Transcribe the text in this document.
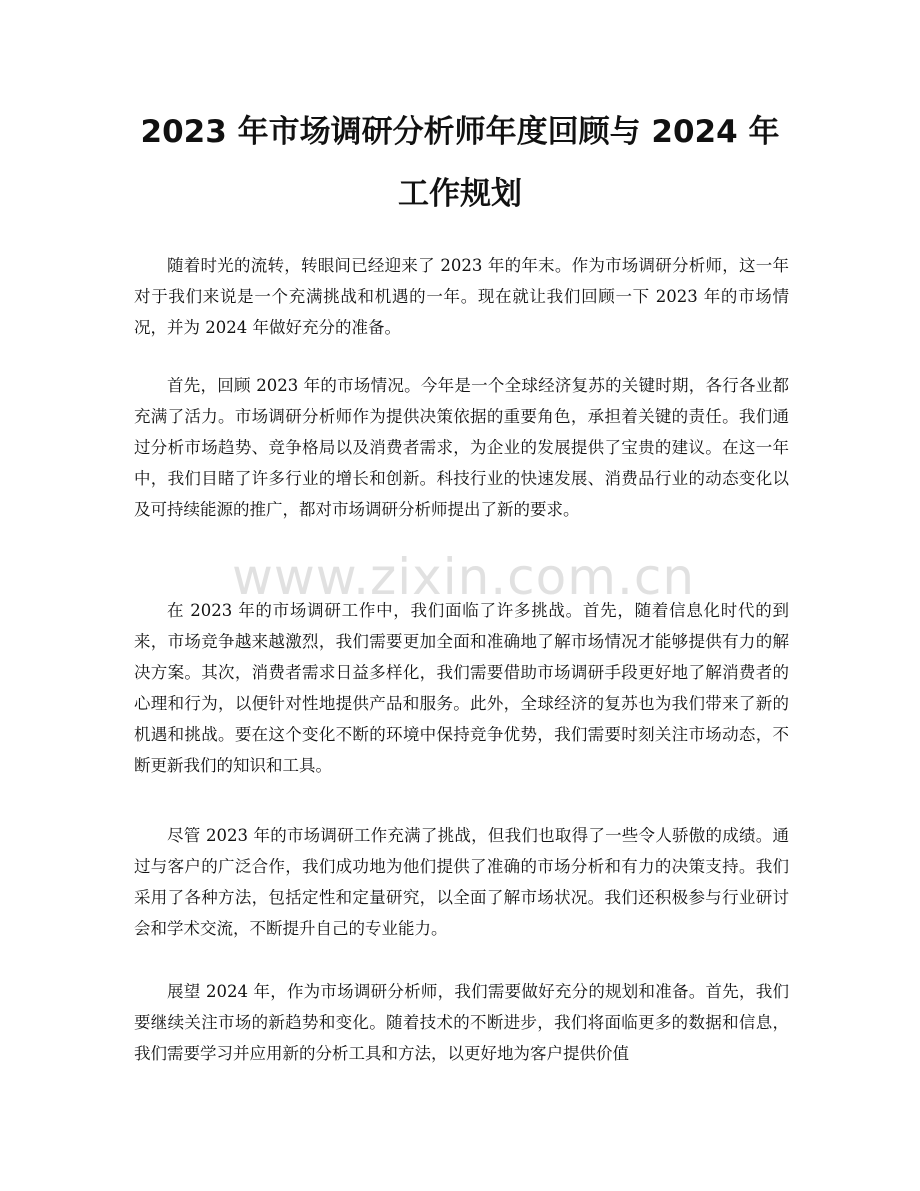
2023 年市场调研分析师年度回顾与 2024 年
工作规划

随着时光的流转，转眼间已经迎来了 2023 年的年末。作为市场调研分析师，这一年对于我们来说是一个充满挑战和机遇的一年。现在就让我们回顾一下 2023 年的市场情况，并为 2024 年做好充分的准备。

首先，回顾 2023 年的市场情况。今年是一个全球经济复苏的关键时期，各行各业都充满了活力。市场调研分析师作为提供决策依据的重要角色，承担着关键的责任。我们通过分析市场趋势、竞争格局以及消费者需求，为企业的发展提供了宝贵的建议。在这一年中，我们目睹了许多行业的增长和创新。科技行业的快速发展、消费品行业的动态变化以及可持续能源的推广，都对市场调研分析师提出了新的要求。

在 2023 年的市场调研工作中，我们面临了许多挑战。首先，随着信息化时代的到来，市场竞争越来越激烈，我们需要更加全面和准确地了解市场情况才能够提供有力的解决方案。其次，消费者需求日益多样化，我们需要借助市场调研手段更好地了解消费者的心理和行为，以便针对性地提供产品和服务。此外，全球经济的复苏也为我们带来了新的机遇和挑战。要在这个变化不断的环境中保持竞争优势，我们需要时刻关注市场动态，不断更新我们的知识和工具。

尽管 2023 年的市场调研工作充满了挑战，但我们也取得了一些令人骄傲的成绩。通过与客户的广泛合作，我们成功地为他们提供了准确的市场分析和有力的决策支持。我们采用了各种方法，包括定性和定量研究，以全面了解市场状况。我们还积极参与行业研讨会和学术交流，不断提升自己的专业能力。

展望 2024 年，作为市场调研分析师，我们需要做好充分的规划和准备。首先，我们要继续关注市场的新趋势和变化。随着技术的不断进步，我们将面临更多的数据和信息，我们需要学习并应用新的分析工具和方法，以更好地为客户提供价值

www.zixin.com.cn
